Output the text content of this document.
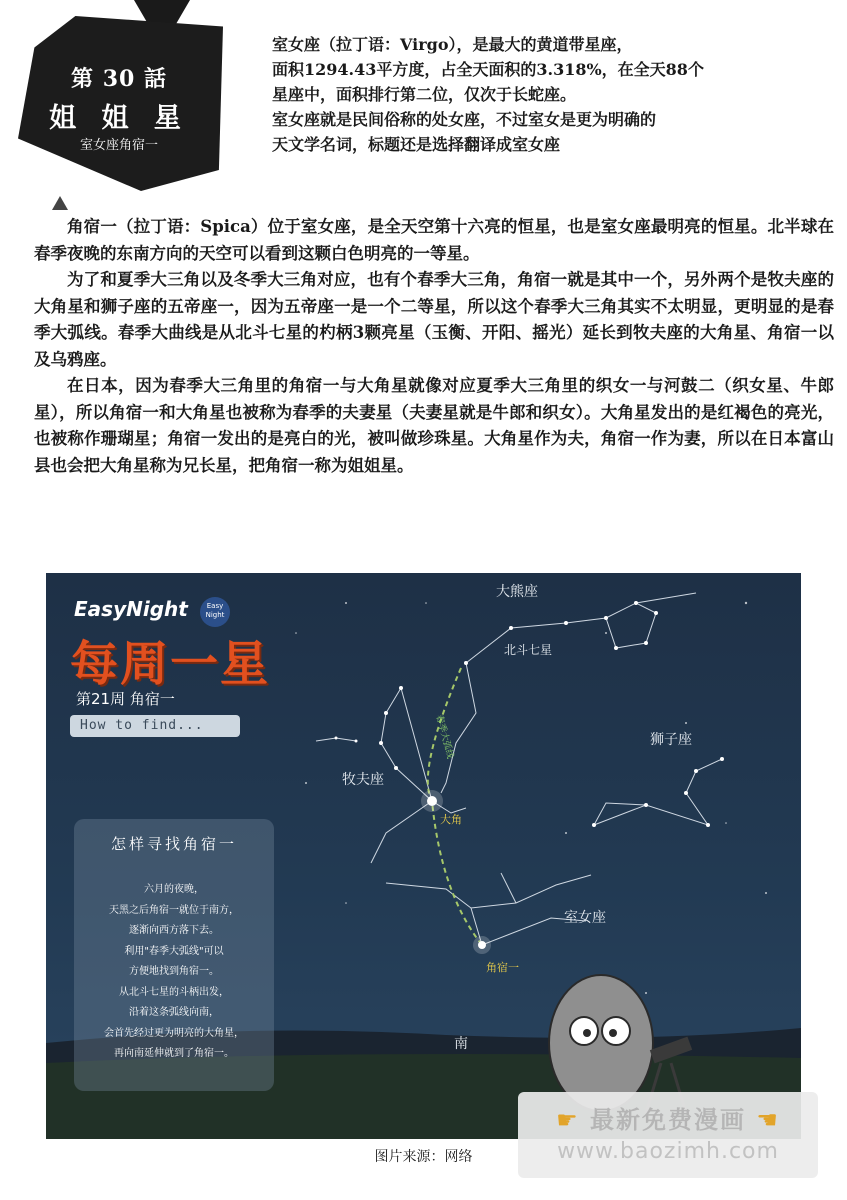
第 30 話
姐 姐 星
室女座角宿一

室女座（拉丁语：Virgo），是最大的黄道带星座，

面积1294.43平方度，占全天面积的3.318%，在全天88个

星座中，面积排行第二位，仅次于长蛇座。

室女座就是民间俗称的处女座，不过室女是更为明确的

天文学名词，标题还是选择翻译成室女座

角宿一（拉丁语：Spica）位于室女座，是全天空第十六亮的恒星，也是室女座最明亮的恒星。北半球在春季夜晚的东南方向的天空可以看到这颗白色明亮的一等星。

为了和夏季大三角以及冬季大三角对应，也有个春季大三角，角宿一就是其中一个，另外两个是牧夫座的大角星和狮子座的五帝座一，因为五帝座一是一个二等星，所以这个春季大三角其实不太明显，更明显的是春季大弧线。春季大曲线是从北斗七星的杓柄3颗亮星（玉衡、开阳、摇光）延长到牧夫座的大角星、角宿一以及乌鸦座。

在日本，因为春季大三角里的角宿一与大角星就像对应夏季大三角里的织女一与河鼓二（织女星、牛郎星），所以角宿一和大角星也被称为春季的夫妻星（夫妻星就是牛郎和织女）。大角星发出的是红褐色的亮光，也被称作珊瑚星；角宿一发出的是亮白的光，被叫做珍珠星。大角星作为夫，角宿一作为妻，所以在日本富山县也会把大角星称为兄长星，把角宿一称为姐姐星。

EasyNight	Easy Night
每周一星
第21周 角宿一
How to find...
大熊座
北斗七星
牧夫座
狮子座
室女座
大角
角宿一
南
春季大弧线
怎样寻找角宿一
六月的夜晚，
天黑之后角宿一就位于南方，
逐渐向西方落下去。
利用"春季大弧线"可以
方便地找到角宿一。
从北斗七星的斗柄出发，
沿着这条弧线向南，
会首先经过更为明亮的大角星，
再向南延伸就到了角宿一。
图片来源：网络
☛ 最新免费漫画 ☚
www.baozimh.com
